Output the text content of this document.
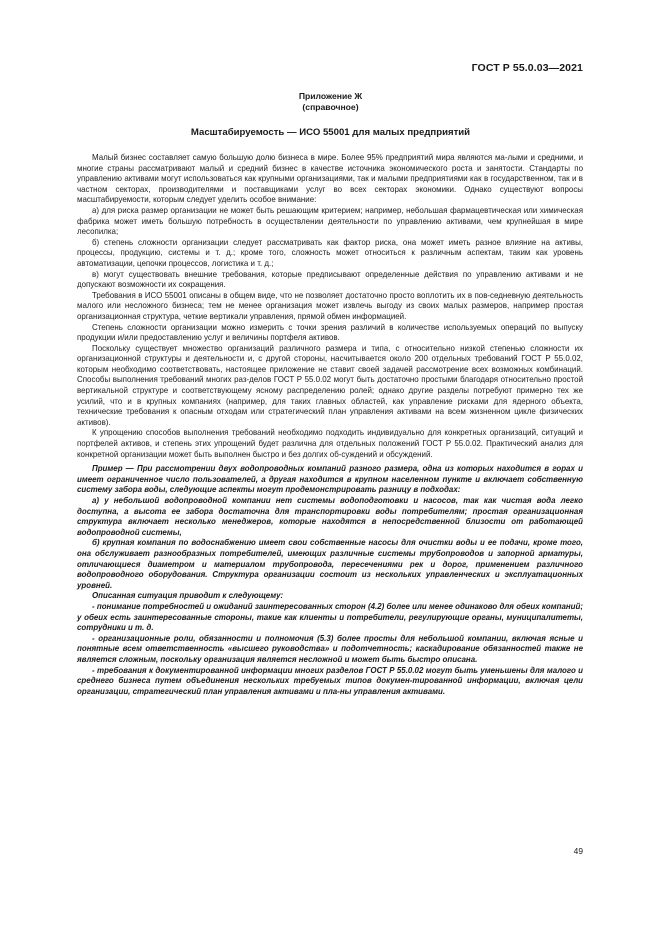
ГОСТ Р 55.0.03—2021
Приложение Ж
(справочное)
Масштабируемость — ИСО 55001 для малых предприятий

Малый бизнес составляет самую большую долю бизнеса в мире. Более 95% предприятий мира являются ма-лыми и средними, и многие страны рассматривают малый и средний бизнес в качестве источника экономического роста и занятости. Стандарты по управлению активами могут использоваться как крупными организациями, так и малыми предприятиями как в государственном, так и в частном секторах, производителями и поставщиками услуг во всех секторах экономики. Однако существуют вопросы масштабируемости, которым следует уделить особое внимание:

а) для риска размер организации не может быть решающим критерием; например, небольшая фармацевтическая или химическая фабрика может иметь большую потребность в осуществлении деятельности по управлению активами, чем крупнейшая в мире лесопилка;

б) степень сложности организации следует рассматривать как фактор риска, она может иметь разное влияние на активы, процессы, продукцию, системы и т. д.; кроме того, сложность может относиться к различным аспектам, таким как уровень автоматизации, цепочки процессов, логистика и т. д.;

в) могут существовать внешние требования, которые предписывают определенные действия по управлению активами и не допускают возможности их сокращения.

Требования в ИСО 55001 описаны в общем виде, что не позволяет достаточно просто воплотить их в пов-седневную деятельность малого или несложного бизнеса; тем не менее организация может извлечь выгоду из своих малых размеров, например простая организационная структура, четкие вертикали управления, прямой обмен информацией.

Степень сложности организации можно измерить с точки зрения различий в количестве используемых операций по выпуску продукции и/или предоставлению услуг и величины портфеля активов.

Поскольку существует множество организаций различного размера и типа, с относительно низкой степенью сложности их организационной структуры и деятельности и, с другой стороны, насчитывается около 200 отдельных требований ГОСТ Р 55.0.02, которым необходимо соответствовать, настоящее приложение не ставит своей задачей рассмотрение всех возможных комбинаций. Способы выполнения требований многих раз-делов ГОСТ Р 55.0.02 могут быть достаточно простыми благодаря относительно простой вертикальной структуре и соответствующему ясному распределению ролей; однако другие разделы потребуют примерно тех же усилий, что и в крупных компаниях (например, для таких главных областей, как управление рисками для ядерного объекта, технические требования к опасным отходам или стратегический план управления активами на всем жизненном цикле физических активов).

К упрощению способов выполнения требований необходимо подходить индивидуально для конкретных организаций, ситуаций и портфелей активов, и степень этих упрощений будет различна для отдельных положений ГОСТ Р 55.0.02. Практический анализ для конкретной организации может быть выполнен быстро и без долгих об-суждений и обсуждений.

Пример — При рассмотрении двух водопроводных компаний разного размера, одна из которых находится в горах и имеет ограниченное число пользователей, а другая находится в крупном населенном пункте и включает собственную систему забора воды, следующие аспекты могут продемонстрировать разницу в подходах:

а) у небольшой водопроводной компании нет системы водоподготовки и насосов, так как чистая вода легко доступна, а высота ее забора достаточна для транспортировки воды потребителям; простая организационная структура включает несколько менеджеров, которые находятся в непосредственной близости от работающей водопроводной системы,

б) крупная компания по водоснабжению имеет свои собственные насосы для очистки воды и ее подачи, кроме того, она обслуживает разнообразных потребителей, имеющих различные системы трубопроводов и запорной арматуры, отличающиеся диаметром и материалом трубопровода, пересечениями рек и дорог, применением различного водопроводного оборудования. Структура организации состоит из нескольких управленческих и эксплуатационных уровней.

Описанная ситуация приводит к следующему:

- понимание потребностей и ожиданий заинтересованных сторон (4.2) более или менее одинаково для обеих компаний; у обеих есть заинтересованные стороны, такие как клиенты и потребители, регулирующие органы, муниципалитеты, сотрудники и т. д.

- организационные роли, обязанности и полномочия (5.3) более просты для небольшой компании, включая ясные и понятные всем ответственность «высшего руководства» и подотчетность; каскадирование обязанностей также не является сложным, поскольку организация является несложной и может быть быстро описана.

- требования к документированной информации многих разделов ГОСТ Р 55.0.02 могут быть уменьшены для малого и среднего бизнеса путем объединения нескольких требуемых типов докумен-тированной информации, включая цели организации, стратегический план управления активами и пла-ны управления активами.

49
